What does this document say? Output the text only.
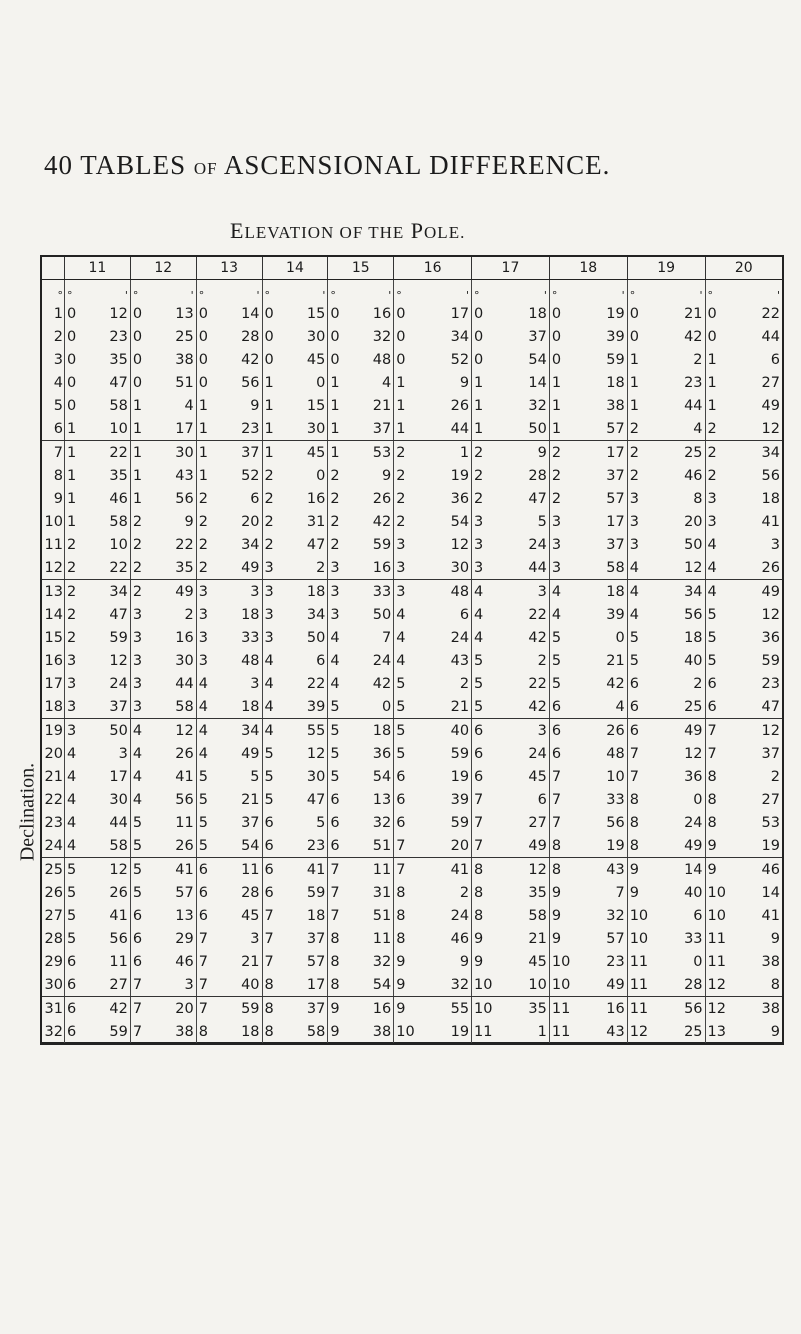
40 TABLES OF ASCENSIONAL DIFFERENCE.
ELEVATION OF THE POLE.
Declination.
	11	12	13	14	15	16	17	18	19	20
°	° '	° '	° '	° '	° '	° '	° '	° '	° '	° '

1	0 12	0 13	0 14	0 15	0 16	0 17	0 18	0 19	0 21	0 22

2	0 23	0 25	0 28	0 30	0 32	0 34	0 37	0 39	0 42	0 44

3	0 35	0 38	0 42	0 45	0 48	0 52	0 54	0 59	1 2	1 6

4	0 47	0 51	0 56	1 0	1 4	1 9	1 14	1 18	1 23	1 27

5	0 58	1 4	1 9	1 15	1 21	1 26	1 32	1 38	1 44	1 49

6	1 10	1 17	1 23	1 30	1 37	1 44	1 50	1 57	2 4	2 12

7	1 22	1 30	1 37	1 45	1 53	2 1	2 9	2 17	2 25	2 34

8	1 35	1 43	1 52	2 0	2 9	2 19	2 28	2 37	2 46	2 56

9	1 46	1 56	2 6	2 16	2 26	2 36	2 47	2 57	3 8	3 18

10	1 58	2 9	2 20	2 31	2 42	2 54	3 5	3 17	3 20	3 41

11	2 10	2 22	2 34	2 47	2 59	3 12	3 24	3 37	3 50	4 3

12	2 22	2 35	2 49	3 2	3 16	3 30	3 44	3 58	4 12	4 26

13	2 34	2 49	3 3	3 18	3 33	3 48	4 3	4 18	4 34	4 49

14	2 47	3 2	3 18	3 34	3 50	4 6	4 22	4 39	4 56	5 12

15	2 59	3 16	3 33	3 50	4 7	4 24	4 42	5 0	5 18	5 36

16	3 12	3 30	3 48	4 6	4 24	4 43	5 2	5 21	5 40	5 59

17	3 24	3 44	4 3	4 22	4 42	5 2	5 22	5 42	6 2	6 23

18	3 37	3 58	4 18	4 39	5 0	5 21	5 42	6 4	6 25	6 47

19	3 50	4 12	4 34	4 55	5 18	5 40	6 3	6 26	6 49	7 12

20	4 3	4 26	4 49	5 12	5 36	5 59	6 24	6 48	7 12	7 37

21	4 17	4 41	5 5	5 30	5 54	6 19	6 45	7 10	7 36	8 2

22	4 30	4 56	5 21	5 47	6 13	6 39	7 6	7 33	8 0	8 27

23	4 44	5 11	5 37	6 5	6 32	6 59	7 27	7 56	8 24	8 53

24	4 58	5 26	5 54	6 23	6 51	7 20	7 49	8 19	8 49	9 19

25	5 12	5 41	6 11	6 41	7 11	7 41	8 12	8 43	9 14	9 46

26	5 26	5 57	6 28	6 59	7 31	8 2	8 35	9 7	9 40	10 14

27	5 41	6 13	6 45	7 18	7 51	8 24	8 58	9 32	10 6	10 41

28	5 56	6 29	7 3	7 37	8 11	8 46	9 21	9 57	10 33	11 9

29	6 11	6 46	7 21	7 57	8 32	9 9	9 45	10 23	11 0	11 38

30	6 27	7 3	7 40	8 17	8 54	9 32	10 10	10 49	11 28	12 8

31	6 42	7 20	7 59	8 37	9 16	9 55	10 35	11 16	11 56	12 38

32	6 59	7 38	8 18	8 58	9 38	10 19	11 1	11 43	12 25	13 9
